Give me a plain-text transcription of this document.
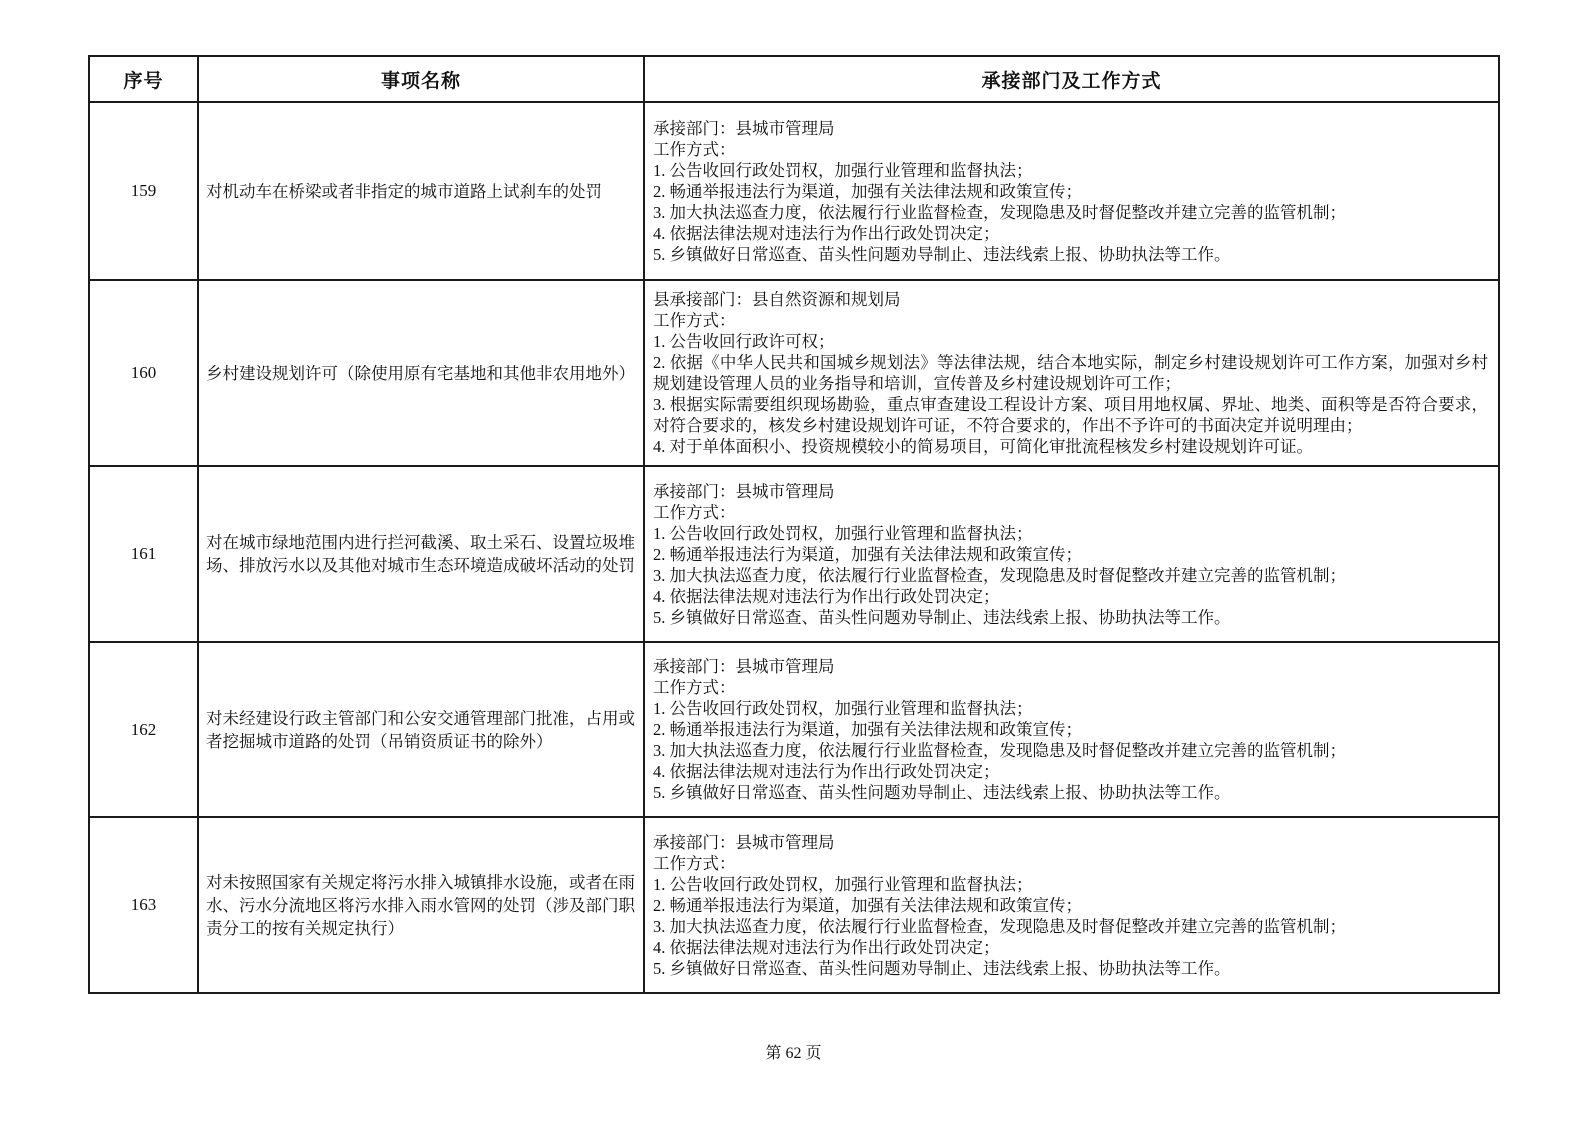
序号	事项名称	承接部门及工作方式
159	对机动车在桥梁或者非指定的城市道路上试刹车的处罚	
承接部门：县城市管理局
工作方式：
1. 公告收回行政处罚权，加强行业管理和监督执法；
2. 畅通举报违法行为渠道，加强有关法律法规和政策宣传；
3. 加大执法巡查力度，依法履行行业监督检查，发现隐患及时督促整改并建立完善的监管机制；
4. 依据法律法规对违法行为作出行政处罚决定；
5. 乡镇做好日常巡查、苗头性问题劝导制止、违法线索上报、协助执法等工作。

160	乡村建设规划许可（除使用原有宅基地和其他非农用地外）	
县承接部门：县自然资源和规划局
工作方式：
1. 公告收回行政许可权；
2. 依据《中华人民共和国城乡规划法》等法律法规，结合本地实际，制定乡村建设规划许可工作方案，加强对乡村规划建设管理人员的业务指导和培训，宣传普及乡村建设规划许可工作；
3. 根据实际需要组织现场勘验，重点审查建设工程设计方案、项目用地权属、界址、地类、面积等是否符合要求，对符合要求的，核发乡村建设规划许可证，不符合要求的，作出不予许可的书面决定并说明理由；
4. 对于单体面积小、投资规模较小的简易项目，可简化审批流程核发乡村建设规划许可证。

161	对在城市绿地范围内进行拦河截溪、取土采石、设置垃圾堆场、排放污水以及其他对城市生态环境造成破坏活动的处罚	
承接部门：县城市管理局
工作方式：
1. 公告收回行政处罚权，加强行业管理和监督执法；
2. 畅通举报违法行为渠道，加强有关法律法规和政策宣传；
3. 加大执法巡查力度，依法履行行业监督检查，发现隐患及时督促整改并建立完善的监管机制；
4. 依据法律法规对违法行为作出行政处罚决定；
5. 乡镇做好日常巡查、苗头性问题劝导制止、违法线索上报、协助执法等工作。

162	对未经建设行政主管部门和公安交通管理部门批准，占用或者挖掘城市道路的处罚（吊销资质证书的除外）	
承接部门：县城市管理局
工作方式：
1. 公告收回行政处罚权，加强行业管理和监督执法；
2. 畅通举报违法行为渠道，加强有关法律法规和政策宣传；
3. 加大执法巡查力度，依法履行行业监督检查，发现隐患及时督促整改并建立完善的监管机制；
4. 依据法律法规对违法行为作出行政处罚决定；
5. 乡镇做好日常巡查、苗头性问题劝导制止、违法线索上报、协助执法等工作。

163	对未按照国家有关规定将污水排入城镇排水设施，或者在雨水、污水分流地区将污水排入雨水管网的处罚（涉及部门职责分工的按有关规定执行）	
承接部门：县城市管理局
工作方式：
1. 公告收回行政处罚权，加强行业管理和监督执法；
2. 畅通举报违法行为渠道，加强有关法律法规和政策宣传；
3. 加大执法巡查力度，依法履行行业监督检查，发现隐患及时督促整改并建立完善的监管机制；
4. 依据法律法规对违法行为作出行政处罚决定；
5. 乡镇做好日常巡查、苗头性问题劝导制止、违法线索上报、协助执法等工作。
第 62 页
